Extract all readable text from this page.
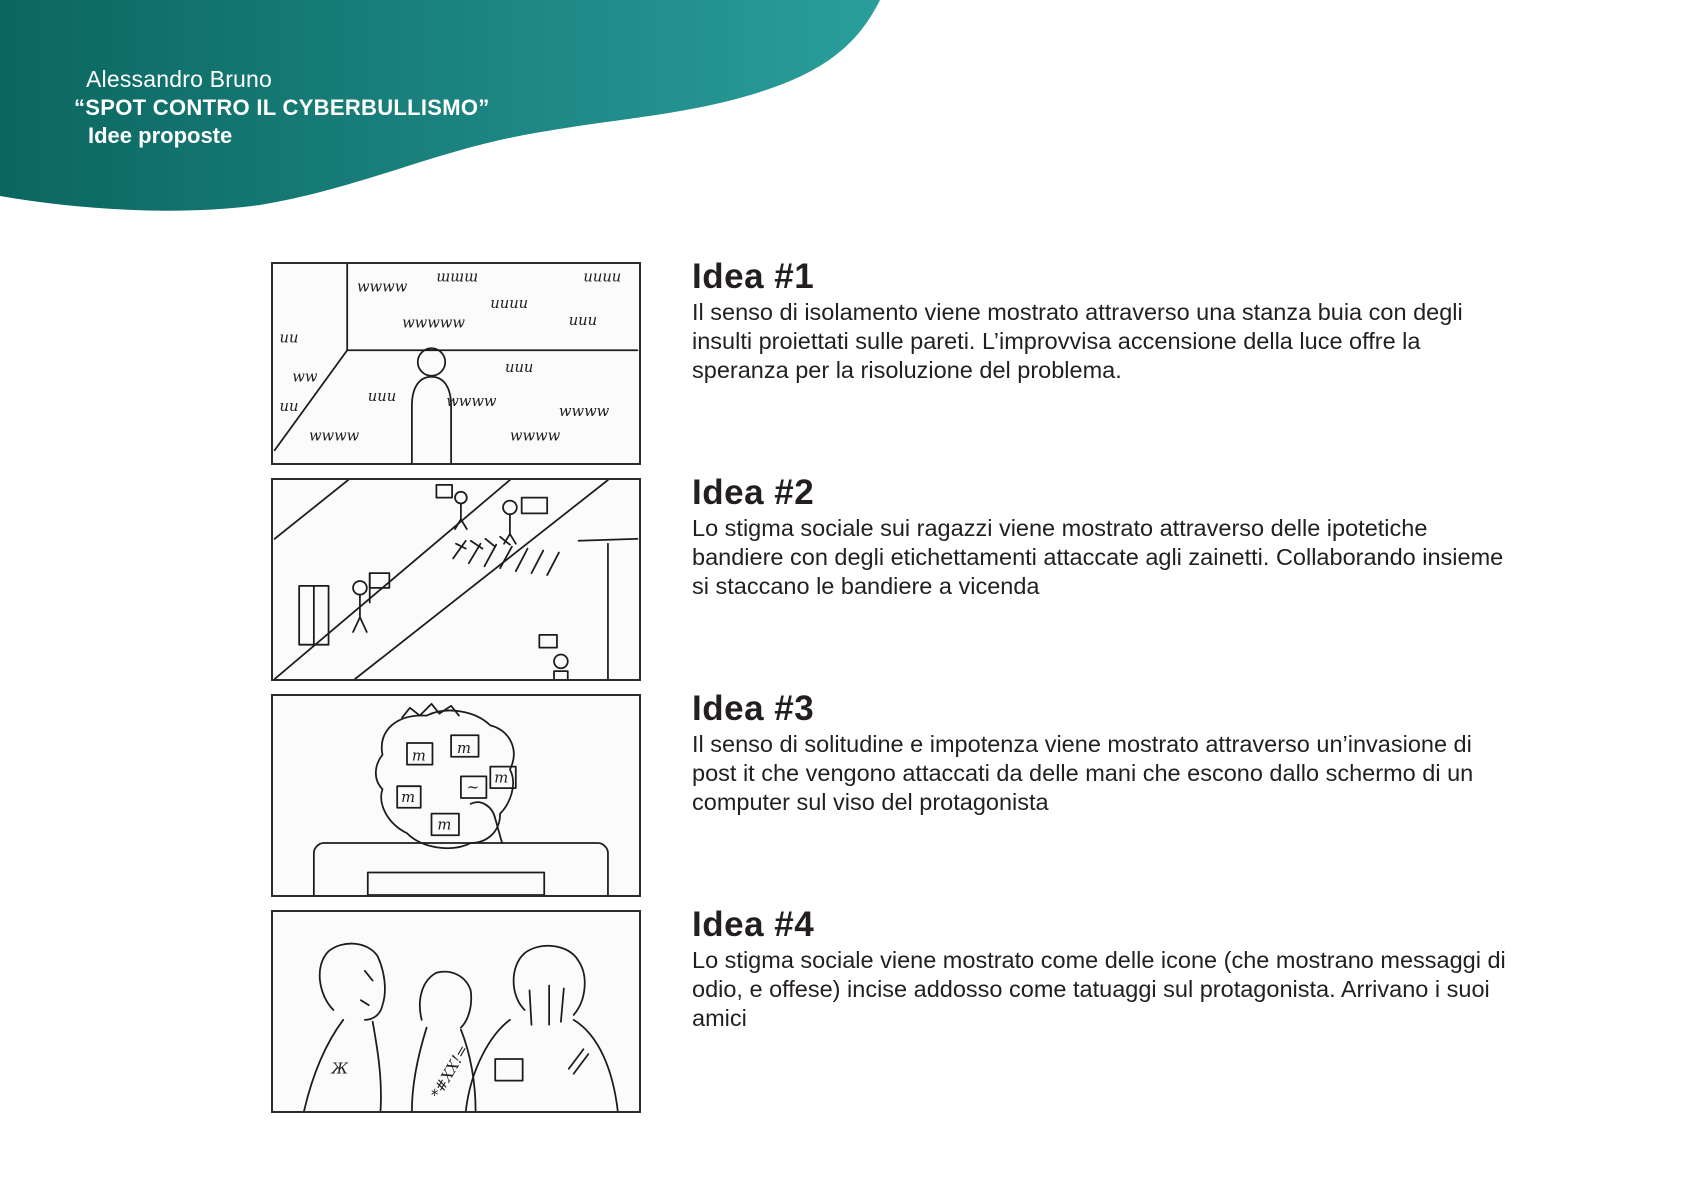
Alessandro Bruno
“SPOT CONTRO IL CYBERBULLISMO”
Idee proposte
wwww
ɯɯɯ
uuuu
wwwww
uuuu
uuu
uuu
uuu	wwww
wwww
wwww	wwww
uu
ww
uu
m m
m
m
~
m
Ж	*#XX!=
Idea #1
Il senso di isolamento viene mostrato attraverso una stanza buia con degli insulti proiettati sulle pareti. L’improvvisa accensione della luce offre la speranza per la risoluzione del problema.
Idea #2
Lo stigma sociale sui ragazzi viene mostrato attraverso delle ipotetiche bandiere con degli etichettamenti attaccate agli zainetti. Collaborando insieme si staccano le bandiere a vicenda
Idea #3
Il senso di solitudine e impotenza viene mostrato attraverso un’invasione di post it che vengono attaccati da delle mani che escono dallo schermo di un computer sul viso del protagonista
Idea #4
Lo stigma sociale viene mostrato come delle icone (che mostrano messaggi di odio, e offese) incise addosso come tatuaggi sul protagonista. Arrivano i suoi amici
